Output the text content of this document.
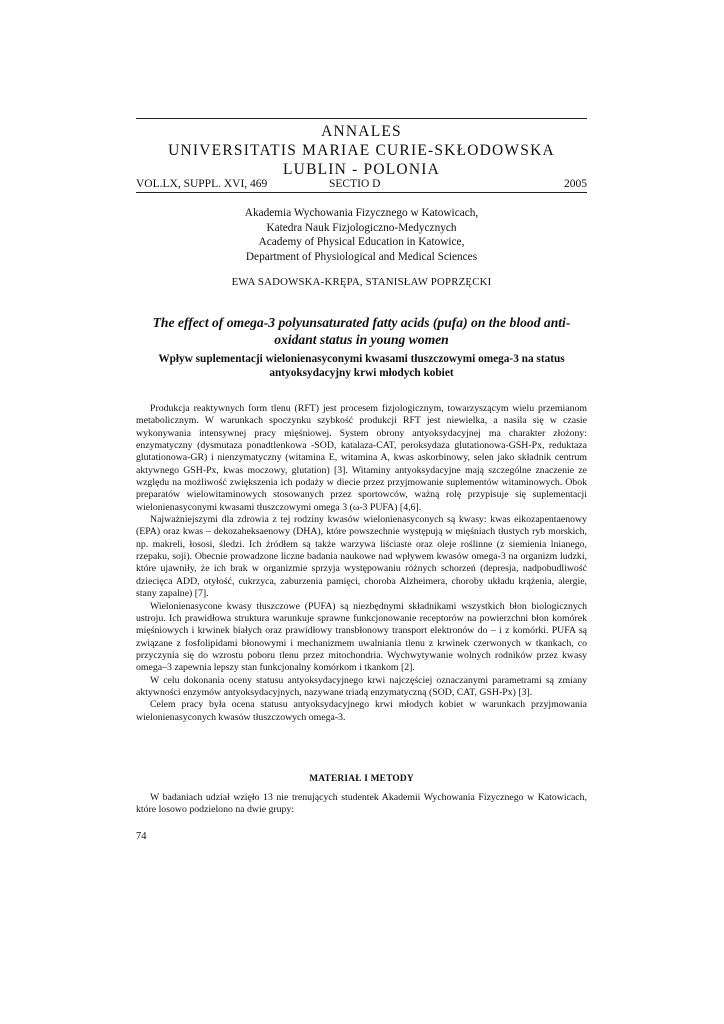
ANNALES
UNIVERSITATIS MARIAE CURIE-SKŁODOWSKA
LUBLIN - POLONIA
VOL.LX, SUPPL. XVI, 469	SECTIO D	2005
Akademia Wychowania Fizycznego w Katowicach,
Katedra Nauk Fizjologiczno-Medycznych
Academy of Physical Education in Katowice,
Department of Physiological and Medical Sciences
EWA SADOWSKA-KRĘPA, STANISŁAW POPRZĘCKI
The effect of omega-3 polyunsaturated fatty acids (pufa) on the blood anti-oxidant status in young women
Wpływ suplementacji wielonienasyconymi kwasami tłuszczowymi omega-3 na status antyoksydacyjny krwi młodych kobiet

Produkcja reaktywnych form tlenu (RFT) jest procesem fizjologicznym, towarzyszącym wielu przemianom metabolicznym. W warunkach spoczynku szybkość produkcji RFT jest niewielka, a nasila się w czasie wykonywania intensywnej pracy mięśniowej. System obrony antyoksydacyjnej ma charakter złożony: enzymatyczny (dysmutaza ponadtlenkowa -SOD, katalaza-CAT, peroksydaza glutationowa-GSH-Px, reduktaza glutationowa-GR) i nienzymatyczny (witamina E, witamina A, kwas askorbinowy, selen jako składnik centrum aktywnego GSH-Px, kwas moczowy, glutation) [3]. Witaminy antyoksydacyjne mają szczególne znaczenie ze względu na możliwość zwiększenia ich podaży w diecie przez przyjmowanie suplementów witaminowych. Obok preparatów wielowitaminowych stosowanych przez sportowców, ważną rolę przypisuje się suplementacji wielonienasyconymi kwasami tłuszczowymi omega 3 (ω-3 PUFA) [4,6].

Najważniejszymi dla zdrowia z tej rodziny kwasów wielonienasyconych są kwasy: kwas eikozapentaenowy (EPA) oraz kwas – dekozaheksaenowy (DHA), które powszechnie występują w mięśniach tłustych ryb morskich, np. makreli, łososi, śledzi. Ich źródłem są także warzywa liściaste oraz oleje roślinne (z siemienia lnianego, rzepaku, soji). Obecnie prowadzone liczne badania naukowe nad wpływem kwasów omega-3 na organizm ludzki, które ujawniły, że ich brak w organizmie sprzyja występowaniu różnych schorzeń (depresja, nadpobudliwość dziecięca ADD, otyłość, cukrzyca, zaburzenia pamięci, choroba Alzheimera, choroby układu krążenia, alergie, stany zapalne) [7].

Wielonienasycone kwasy tłuszczowe (PUFA) są niezbędnymi składnikami wszystkich błon biologicznych ustroju. Ich prawidłowa struktura warunkuje sprawne funkcjonowanie receptorów na powierzchni błon komórek mięśniowych i krwinek białych oraz prawidłowy transbłonowy transport elektronów do – i z komórki. PUFA są związane z fosfolipidami błonowymi i mechanizmem uwalniania tlenu z krwinek czerwonych w tkankach, co przyczynia się do wzrostu poboru tlenu przez mitochondria. Wychwytywanie wolnych rodników przez kwasy omega–3 zapewnia lepszy stan funkcjonalny komórkom i tkankom [2].

W celu dokonania oceny statusu antyoksydacyjnego krwi najczęściej oznaczanymi parametrami są zmiany aktywności enzymów antyoksydacyjnych, nazywane triadą enzymatyczną (SOD, CAT, GSH-Px) [3].

Celem pracy była ocena statusu antyoksydacyjnego krwi młodych kobiet w warunkach przyjmowania wielonienasyconych kwasów tłuszczowych omega-3.

MATERIAŁ I METODY

W badaniach udział wzięło 13 nie trenujących studentek Akademii Wychowania Fizycznego w Katowicach, które losowo podzielono na dwie grupy:

74
